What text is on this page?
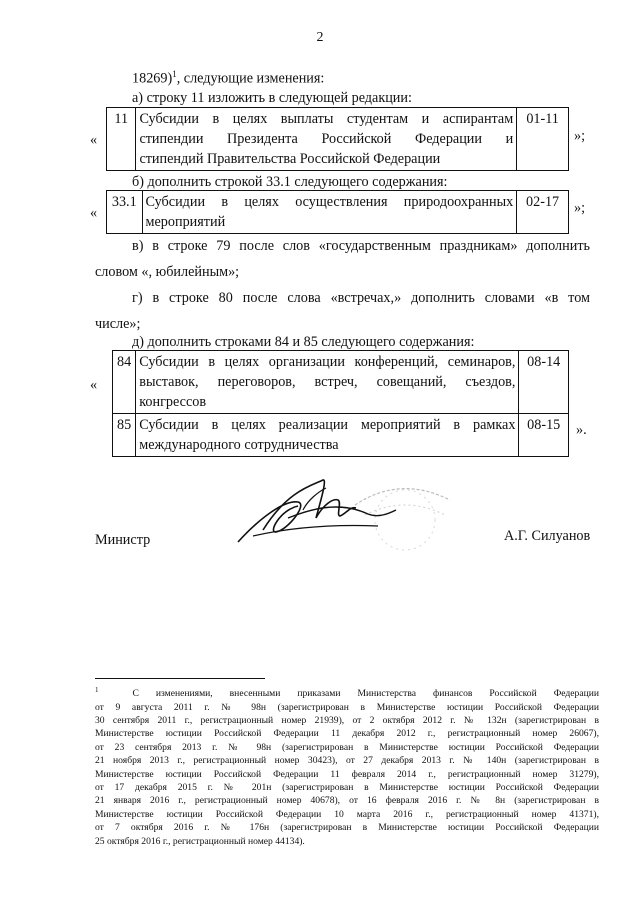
2
18269)$^1$, следующие изменения:
а) строку 11 изложить в следующей редакции:
«
11	Субсидии в целях выплаты студентам и аспирантам
стипендии Президента Российской Федерации и
стипендий Правительства Российской Федерации
	01-11
»;
б) дополнить строкой 33.1 следующего содержания:
«
33.1	Субсидии в целях осуществления природоохранных
мероприятий
	02-17 »;
в) в строке 79 после слов «государственным праздникам» дополнить
словом «, юбилейным»;
г) в строке 80 после слова «встречах,» дополнить словами «в том
числе»;
д) дополнить строками 84 и 85 следующего содержания:
«
84	Субсидии в целях организации конференций, семинаров,
выставок, переговоров, встреч, совещаний, съездов,
конгрессов	08-14
85	Субсидии в целях реализации мероприятий в рамках
международного сотрудничества	08-15 ».
Министр	А.Г. Силуанов
$^1$	С изменениями, внесенными приказами Министерства финансов Российской Федерации
от 9 августа 2011 г. № 98н (зарегистрирован в Министерстве юстиции Российской Федерации
30 сентября 2011 г., регистрационный номер 21939), от 2 октября 2012 г. № 132н (зарегистрирован в
Министерстве юстиции Российской Федерации 11 декабря 2012 г., регистрационный номер 26067),
от 23 сентября 2013 г. № 98н (зарегистрирован в Министерстве юстиции Российской Федерации
21 ноября 2013 г., регистрационный номер 30423), от 27 декабря 2013 г. № 140н (зарегистрирован в
Министерстве юстиции Российской Федерации 11 февраля 2014 г., регистрационный номер 31279),
от 17 декабря 2015 г. № 201н (зарегистрирован в Министерстве юстиции Российской Федерации
21 января 2016 г., регистрационный номер 40678), от 16 февраля 2016 г. № 8н (зарегистрирован в
Министерстве юстиции Российской Федерации 10 марта 2016 г., регистрационный номер 41371),
от 7 октября 2016 г. № 176н (зарегистрирован в Министерстве юстиции Российской Федерации
25 октября 2016 г., регистрационный номер 44134).
